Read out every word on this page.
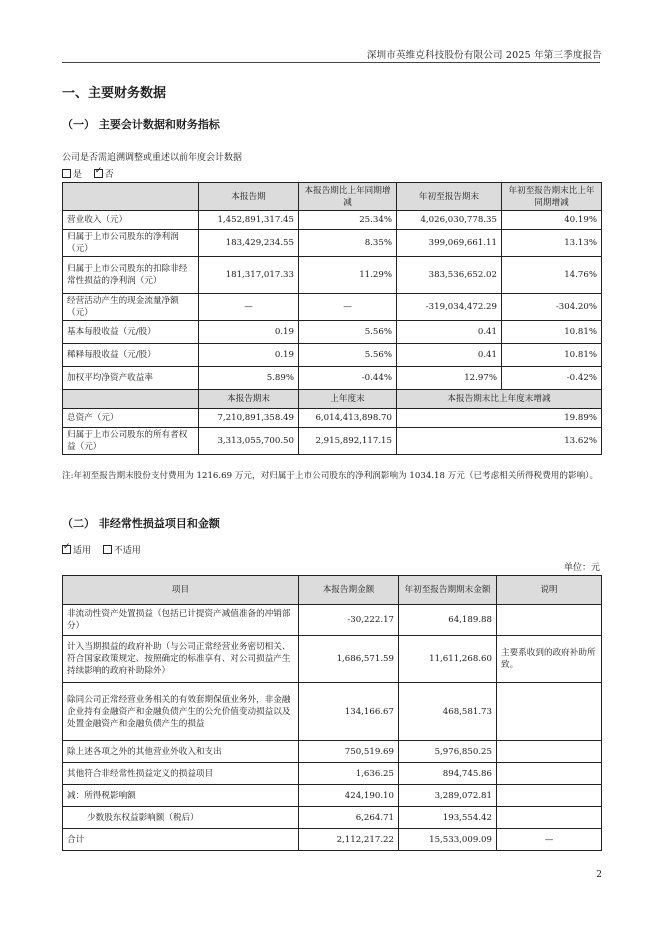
深圳市英维克科技股份有限公司 2025 年第三季度报告
一、主要财务数据
（一） 主要会计数据和财务指标
公司是否需追溯调整或重述以前年度会计数据
是 ✓	否
	本报告期	本报告期比上年同期增减	年初至报告期末	年初至报告期末比上年同期增减
营业收入（元）	1,452,891,317.45	25.34%	4,026,030,778.35	40.19%
归属于上市公司股东的净利润（元）	183,429,234.55	8.35%	399,069,661.11	13.13%
归属于上市公司股东的扣除非经常性损益的净利润（元）	181,317,017.33	11.29%	383,536,652.02	14.76%
经营活动产生的现金流量净额（元）	—	—	-319,034,472.29	-304.20%
基本每股收益（元/股）	0.19	5.56%	0.41	10.81%
稀释每股收益（元/股）	0.19	5.56%	0.41	10.81%
加权平均净资产收益率	5.89%	-0.44%	12.97%	-0.42%
	本报告期末	上年度末	本报告期末比上年度末增减	
总资产（元）	7,210,891,358.49	6,014,413,898.70	19.89%	
归属于上市公司股东的所有者权益（元）	3,313,055,700.50	2,915,892,117.15	13.62%	
注:年初至报告期末股份支付费用为 1216.69 万元，对归属于上市公司股东的净利润影响为 1034.18 万元（已考虑相关所得税费用的影响）。
（二） 非经常性损益项目和金额
✓适用	不适用
单位：元
项目	本报告期金额	年初至报告期期末金额	说明
非流动性资产处置损益（包括已计提资产减值准备的冲销部分）	-30,222.17	64,189.88	
计入当期损益的政府补助（与公司正常经营业务密切相关、符合国家政策规定、按照确定的标准享有、对公司损益产生持续影响的政府补助除外）	1,686,571.59	11,611,268.60	主要系收到的政府补助所致。
除同公司正常经营业务相关的有效套期保值业务外，非金融企业持有金融资产和金融负债产生的公允价值变动损益以及处置金融资产和金融负债产生的损益	134,166.67	468,581.73	
除上述各项之外的其他营业外收入和支出	750,519.69	5,976,850.25	
其他符合非经常性损益定义的损益项目	1,636.25	894,745.86	
减：所得税影响额	424,190.10	3,289,072.81	
少数股东权益影响额（税后）	6,264.71	193,554.42	
合计	2,112,217.22	15,533,009.09	—
2
